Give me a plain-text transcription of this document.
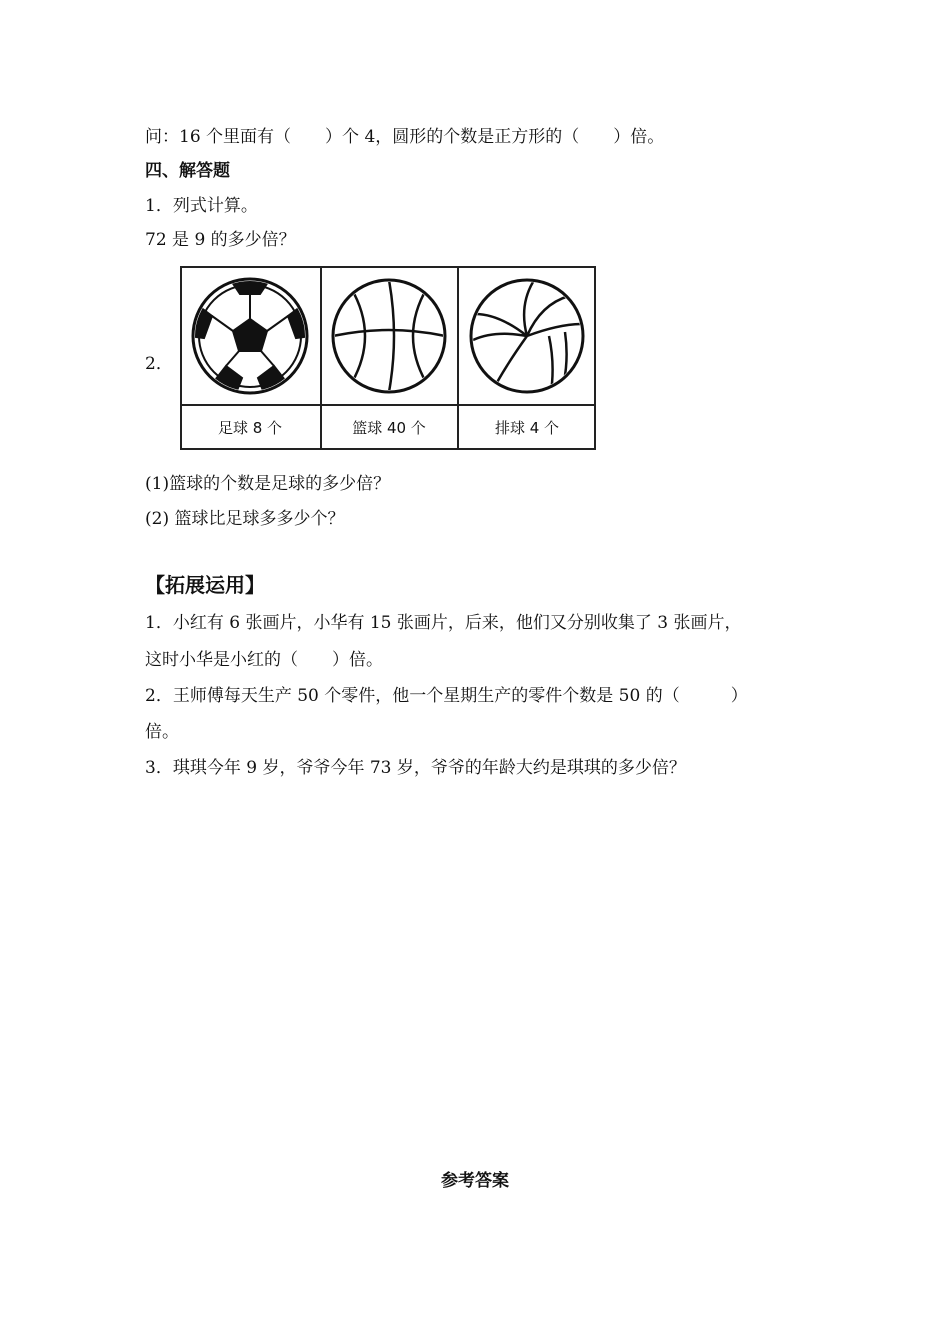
问：16 个里面有（　　）个 4，圆形的个数是正方形的（　　）倍。
四、解答题
1．列式计算。
72 是 9 的多少倍？
2．
足球 8 个	篮球 40 个	排球 4 个
(1)篮球的个数是足球的多少倍？
(2) 篮球比足球多多少个？
【拓展运用】
1．小红有 6 张画片，小华有 15 张画片，后来，他们又分别收集了 3 张画片，
这时小华是小红的（　　）倍。
2．王师傅每天生产 50 个零件，他一个星期生产的零件个数是 50 的（　　　）
倍。
3．琪琪今年 9 岁，爷爷今年 73 岁，爷爷的年龄大约是琪琪的多少倍？
参考答案
